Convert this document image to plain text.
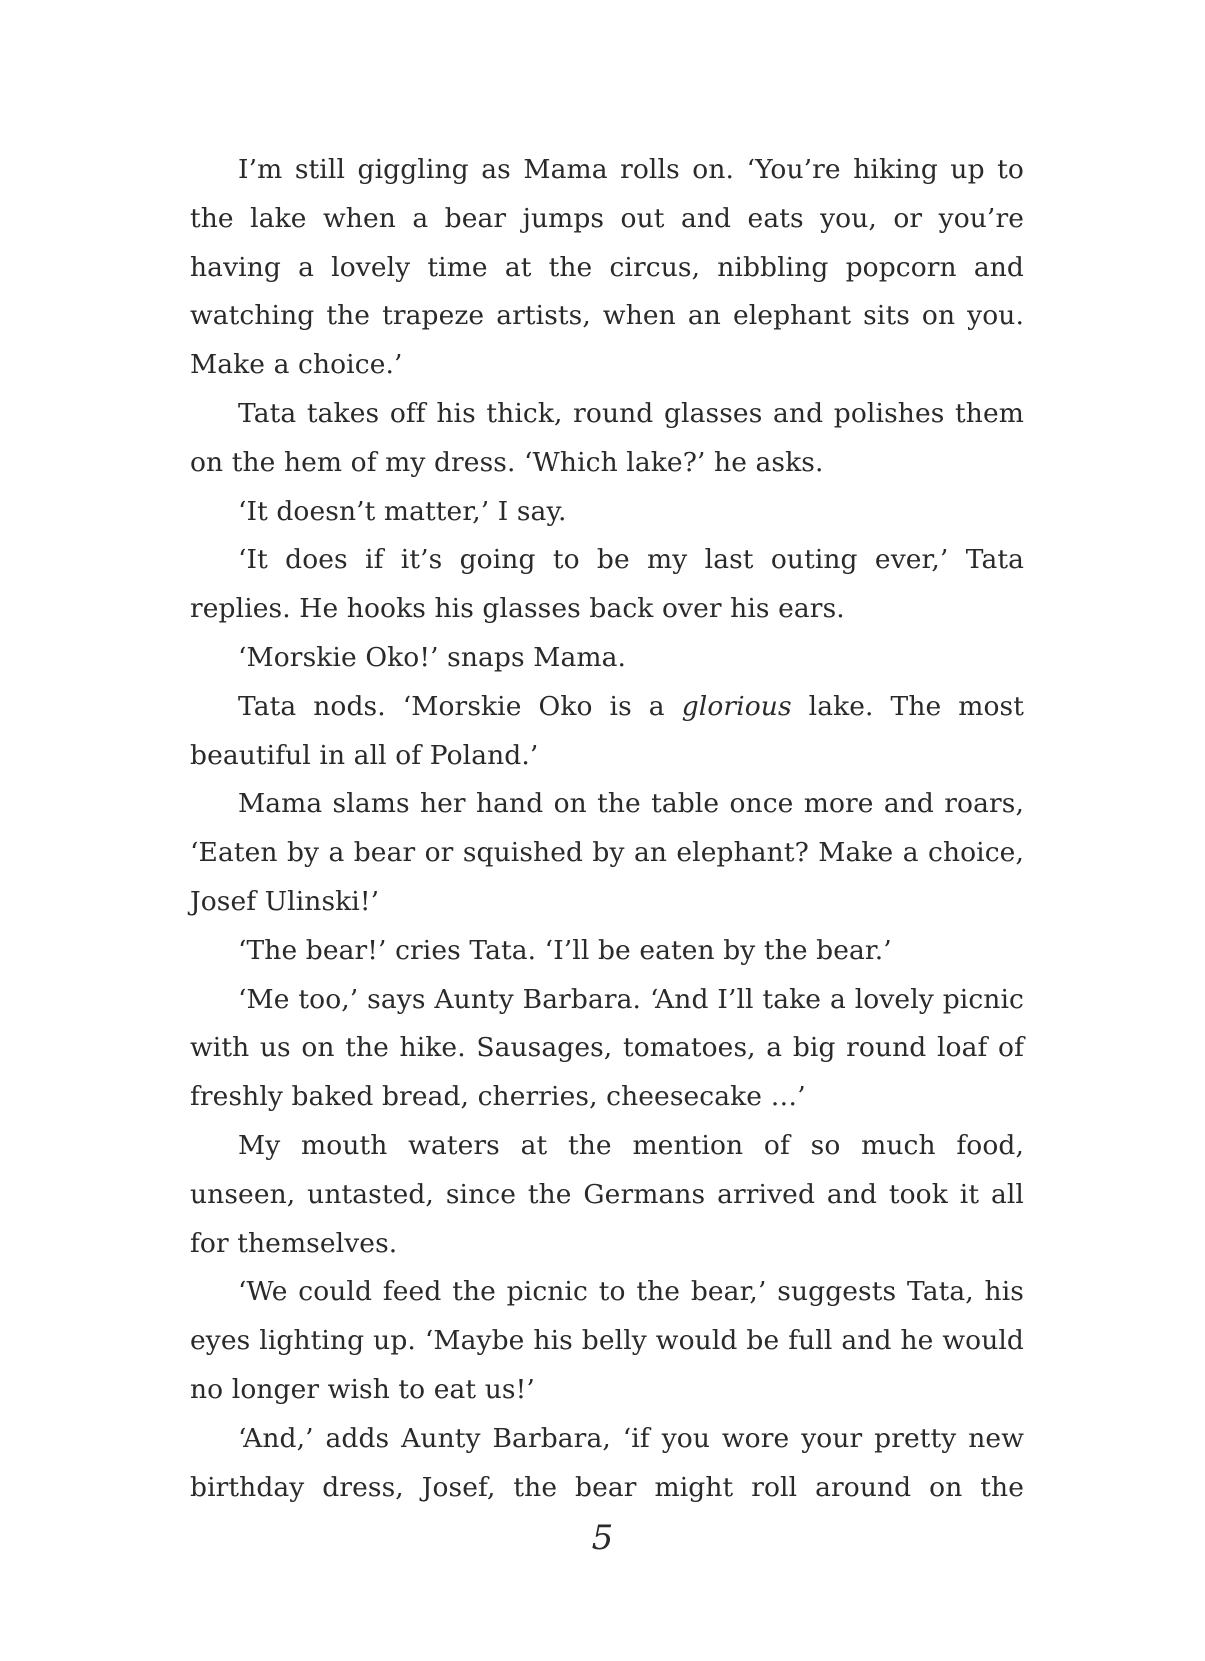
I’m still giggling as Mama rolls on. ‘You’re hiking up to the lake when a bear jumps out and eats you, or you’re having a lovely time at the circus, nibbling popcorn and watching the trapeze artists, when an elephant sits on you. Make a choice.’

Tata takes off his thick, round glasses and polishes them on the hem of my dress. ‘Which lake?’ he asks.

‘It doesn’t matter,’ I say.

‘It does if it’s going to be my last outing ever,’ Tata replies. He hooks his glasses back over his ears.

‘Morskie Oko!’ snaps Mama.

Tata nods. ‘Morskie Oko is a glorious lake. The most beautiful in all of Poland.’

Mama slams her hand on the table once more and roars, ‘Eaten by a bear or squished by an elephant? Make a choice, Josef Ulinski!’

‘The bear!’ cries Tata. ‘I’ll be eaten by the bear.’

‘Me too,’ says Aunty Barbara. ‘And I’ll take a lovely picnic with us on the hike. Sausages, tomatoes, a big round loaf of freshly baked bread, cherries, cheesecake …’

My mouth waters at the mention of so much food, unseen, untasted, since the Germans arrived and took it all for themselves.

‘We could feed the picnic to the bear,’ suggests Tata, his eyes lighting up. ‘Maybe his belly would be full and he would no longer wish to eat us!’

‘And,’ adds Aunty Barbara, ‘if you wore your pretty new birthday dress, Josef, the bear might roll around on the

5
